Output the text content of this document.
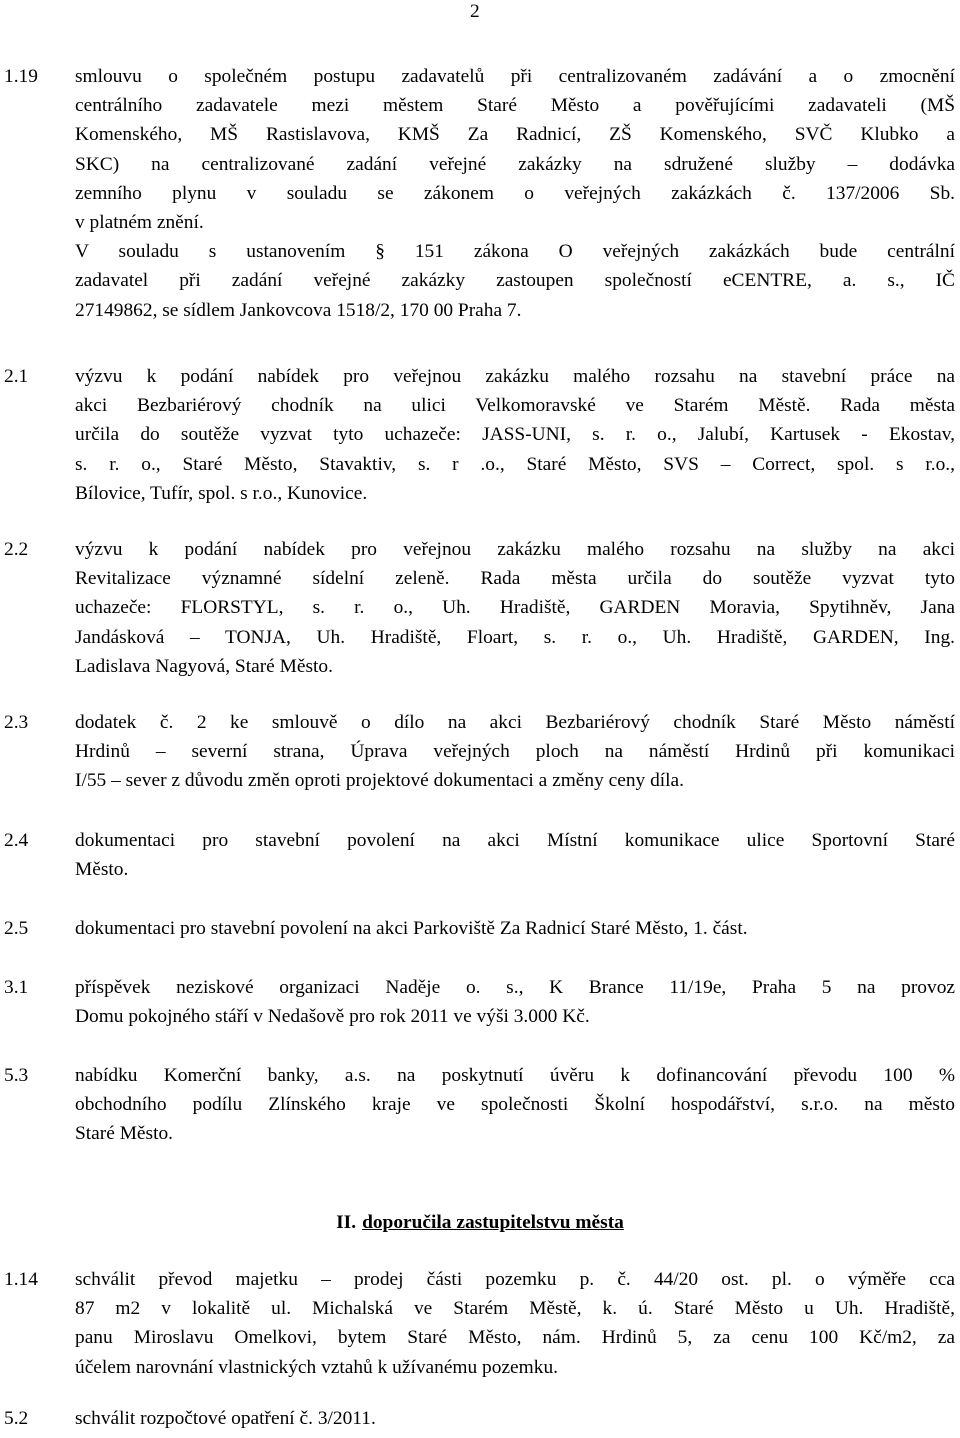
2
1.19 smlouvu o společném postupu zadavatelů při centralizovaném zadávání a o zmocnění
centrálního zadavatele mezi městem Staré Město a pověřujícími zadavateli (MŠ
Komenského, MŠ Rastislavova, KMŠ Za Radnicí, ZŠ Komenského, SVČ Klubko a
SKC) na centralizované zadání veřejné zakázky na sdružené služby – dodávka
zemního plynu v souladu se zákonem o veřejných zakázkách č. 137/2006 Sb.
v platném znění.
V souladu s ustanovením § 151 zákona O veřejných zakázkách bude centrální
zadavatel při zadání veřejné zakázky zastoupen společností eCENTRE, a. s., IČ
27149862, se sídlem Jankovcova 1518/2, 170 00 Praha 7.
2.1 výzvu k podání nabídek pro veřejnou zakázku malého rozsahu na stavební práce na
akci Bezbariérový chodník na ulici Velkomoravské ve Starém Městě. Rada města
určila do soutěže vyzvat tyto uchazeče: JASS-UNI, s. r. o., Jalubí, Kartusek - Ekostav,
s. r. o., Staré Město, Stavaktiv, s. r .o., Staré Město, SVS – Correct, spol. s r.o.,
Bílovice, Tufír, spol. s r.o., Kunovice.
2.2 výzvu k podání nabídek pro veřejnou zakázku malého rozsahu na služby na akci
Revitalizace významné sídelní zeleně. Rada města určila do soutěže vyzvat tyto
uchazeče: FLORSTYL, s. r. o., Uh. Hradiště, GARDEN Moravia, Spytihněv, Jana
Jandásková – TONJA, Uh. Hradiště, Floart, s. r. o., Uh. Hradiště, GARDEN, Ing.
Ladislava Nagyová, Staré Město.
2.3 dodatek č. 2 ke smlouvě o dílo na akci Bezbariérový chodník Staré Město náměstí
Hrdinů – severní strana, Úprava veřejných ploch na náměstí Hrdinů při komunikaci
I/55 – sever z důvodu změn oproti projektové dokumentaci a změny ceny díla.
2.4 dokumentaci pro stavební povolení na akci Místní komunikace ulice Sportovní Staré
Město.
2.5 dokumentaci pro stavební povolení na akci Parkoviště Za Radnicí Staré Město, 1. část.
3.1 příspěvek neziskové organizaci Naděje o. s., K Brance 11/19e, Praha 5 na provoz
Domu pokojného stáří v Nedašově pro rok 2011 ve výši 3.000 Kč.
5.3 nabídku Komerční banky, a.s. na poskytnutí úvěru k dofinancování převodu 100 %
obchodního podílu Zlínského kraje ve společnosti Školní hospodářství, s.r.o. na město
Staré Město.
II. doporučila zastupitelstvu města
1.14 schválit převod majetku – prodej části pozemku p. č. 44/20 ost. pl. o výměře cca
87 m2 v lokalitě ul. Michalská ve Starém Městě, k. ú. Staré Město u Uh. Hradiště,
panu Miroslavu Omelkovi, bytem Staré Město, nám. Hrdinů 5, za cenu 100 Kč/m2, za
účelem narovnání vlastnických vztahů k užívanému pozemku.
5.2 schválit rozpočtové opatření č. 3/2011.
